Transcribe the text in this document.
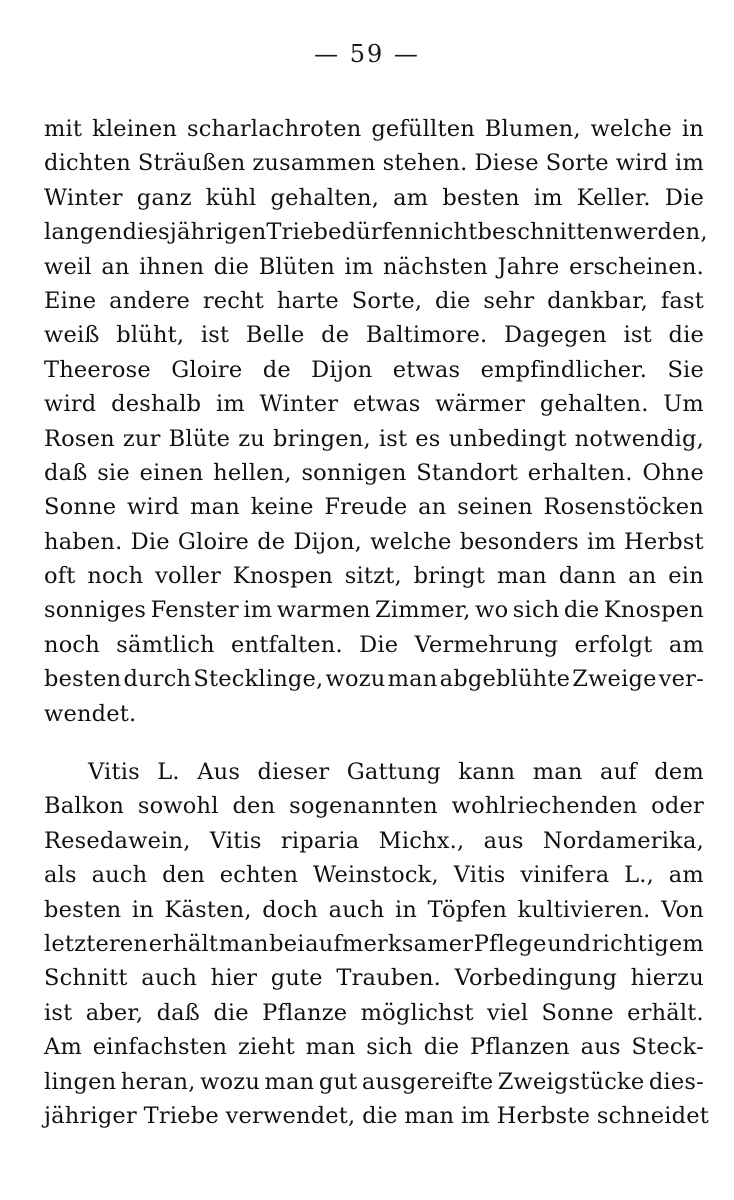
— 59 —
mit kleinen scharlachroten gefüllten Blumen, welche in
dichten Sträußen zusammen stehen. Diese Sorte wird im
Winter ganz kühl gehalten, am besten im Keller. Die
langen diesjährigen Triebe dürfen nicht beschnitten werden,
weil an ihnen die Blüten im nächsten Jahre erscheinen.
Eine andere recht harte Sorte, die sehr dankbar, fast
weiß blüht, ist Belle de Baltimore. Dagegen ist die
Theerose Gloire de Dijon etwas empfindlicher. Sie
wird deshalb im Winter etwas wärmer gehalten. Um
Rosen zur Blüte zu bringen, ist es unbedingt notwendig,
daß sie einen hellen, sonnigen Standort erhalten. Ohne
Sonne wird man keine Freude an seinen Rosenstöcken
haben. Die Gloire de Dijon, welche besonders im Herbst
oft noch voller Knospen sitzt, bringt man dann an ein
sonniges Fenster im warmen Zimmer, wo sich die Knospen
noch sämtlich entfalten. Die Vermehrung erfolgt am
besten durch Stecklinge, wozu man abgeblühte Zweige ver-
wendet.
Vitis L. Aus dieser Gattung kann man auf dem
Balkon sowohl den sogenannten wohlriechenden oder
Resedawein, Vitis riparia Michx., aus Nordamerika,
als auch den echten Weinstock, Vitis vinifera L., am
besten in Kästen, doch auch in Töpfen kultivieren. Von
letzteren erhält man bei aufmerksamer Pflege und richtigem
Schnitt auch hier gute Trauben. Vorbedingung hierzu
ist aber, daß die Pflanze möglichst viel Sonne erhält.
Am einfachsten zieht man sich die Pflanzen aus Steck-
lingen heran, wozu man gut ausgereifte Zweigstücke dies-
jähriger Triebe verwendet, die man im Herbste schneidet
